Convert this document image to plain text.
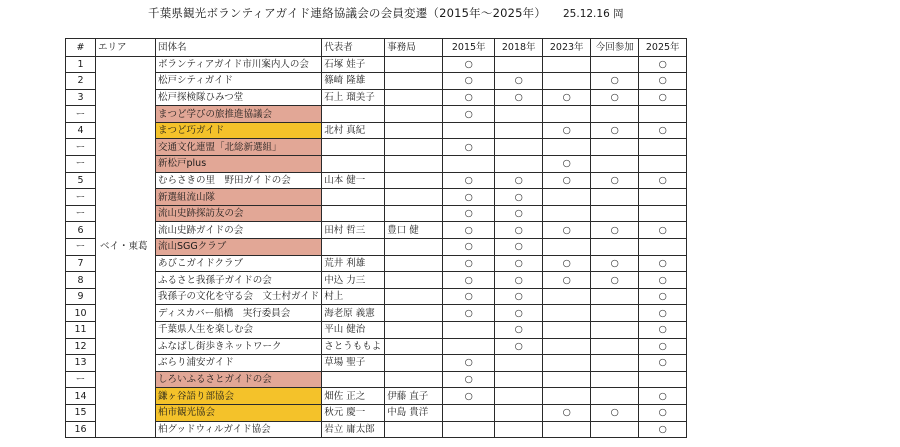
千葉県観光ボランティアガイド連絡協議会の会員変遷（2015年〜2025年） 25.12.16 岡
#	エリア	団体名	代表者	事務局	2015年	2018年	2023年	今回参加	2025年
1	ベイ・東葛	ボランティアガイド市川案内人の会	石塚 娃子		○				○
2		松戸シティガイド	篠崎 隆雄		○	○		○	○
3		松戸探検隊ひみつ堂	石上 瑠美子		○	○	○	○	○
ー		まつど学びの旅推進協議会			○				
4		まつど巧ガイド	北村 真紀				○	○	○
ー		交通文化連盟「北総新選組」			○				
ー		新松戸plus					○		
5		むらさきの里　野田ガイドの会	山本 健一		○	○	○	○	○
ー		新選組流山隊			○	○			
ー		流山史跡探訪友の会			○	○			
6		流山史跡ガイドの会	田村 哲三	豊口 健	○	○	○	○	○
ー		流山SGGクラブ			○	○			
7		あびこガイドクラブ	荒井 利雄		○	○	○	○	○
8		ふるさと我孫子ガイドの会	中込 力三		○	○	○	○	○
9		我孫子の文化を守る会　文士村ガイド	村上		○	○			○
10		ディスカバー船橋　実行委員会	海老原 義憲		○	○			○
11		千葉県人生を楽しむ会	平山 健治			○			○
12		ふなばし街歩きネットワーク	さとうももよ			○			○
13		ぶらり浦安ガイド	草場 聖子		○				○
ー		しろいふるさとガイドの会			○				
14		鎌ヶ谷語り部協会	畑佐 正之	伊藤 直子	○				○
15		柏市観光協会	秋元 慶一	中島 貴洋			○	○	○
16		柏グッドウィルガイド協会	岩立 庸太郎						○
